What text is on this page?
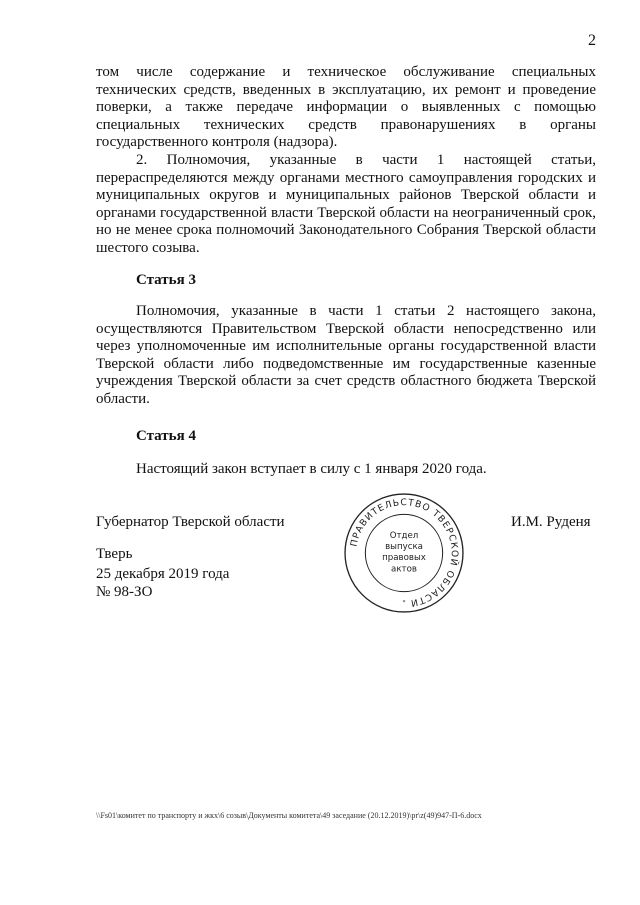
2
том числе содержание и техническое обслуживание специальных технических средств, введенных в эксплуатацию, их ремонт и проведение поверки, а также передаче информации о выявленных с помощью специальных технических средств правонарушениях в органы государственного контроля (надзора).
2. Полномочия, указанные в части 1 настоящей статьи, перераспределяются между органами местного самоуправления городских и муниципальных округов и муниципальных районов Тверской области и органами государственной власти Тверской области на неограниченный срок, но не менее срока полномочий Законодательного Собрания Тверской области шестого созыва.
Статья 3
Полномочия, указанные в части 1 статьи 2 настоящего закона, осуществляются Правительством Тверской области непосредственно или через уполномоченные им исполнительные органы государственной власти Тверской области либо подведомственные им государственные казенные учреждения Тверской области за счет средств областного бюджета Тверской области.
Статья 4
Настоящий закон вступает в силу с 1 января 2020 года.
Губернатор Тверской области	И.М. Руденя
Тверь
25 декабря 2019 года
№ 98-ЗО
ПРАВИТЕЛЬСТВО ТВЕРСКОЙ ОБЛАСТИ
*
Отдел
выпуска
правовых
актов
\\Fs01\комитет по транспорту и жкх\6 созыв\Документы комитета\49 заседание (20.12.2019)\pr\z(49)947-П-6.docx
